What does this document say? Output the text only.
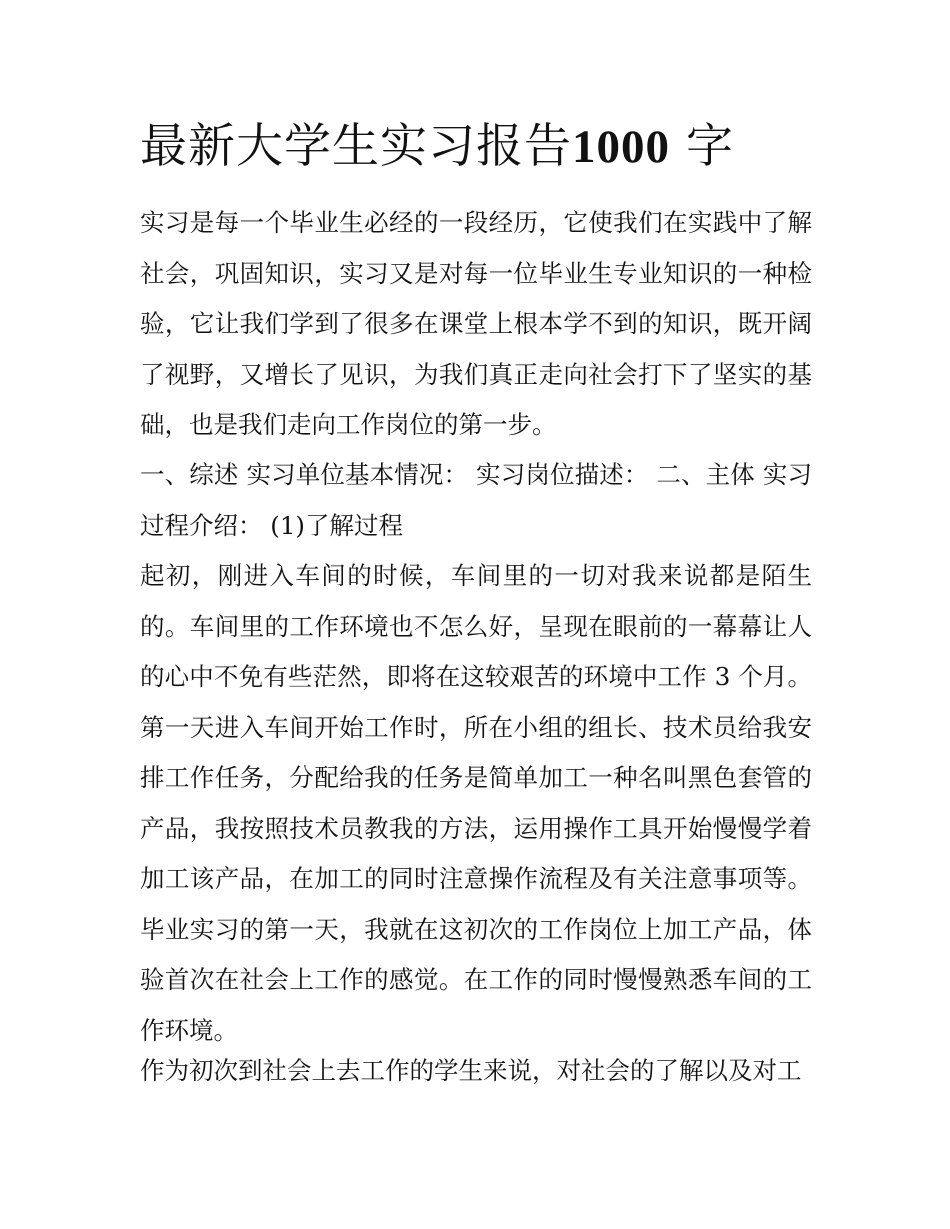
最新大学生实习报告1000 字

实习是每一个毕业生必经的一段经历，它使我们在实践中了解社会，巩固知识，实习又是对每一位毕业生专业知识的一种检验，它让我们学到了很多在课堂上根本学不到的知识，既开阔了视野，又增长了见识，为我们真正走向社会打下了坚实的基础，也是我们走向工作岗位的第一步。

一、综述 实习单位基本情况： 实习岗位描述： 二、主体 实习过程介绍： (1)了解过程

起初，刚进入车间的时候，车间里的一切对我来说都是陌生的。车间里的工作环境也不怎么好，呈现在眼前的一幕幕让人的心中不免有些茫然，即将在这较艰苦的环境中工作 3 个月。第一天进入车间开始工作时，所在小组的组长、技术员给我安排工作任务，分配给我的任务是简单加工一种名叫黑色套管的产品，我按照技术员教我的方法，运用操作工具开始慢慢学着加工该产品，在加工的同时注意操作流程及有关注意事项等。毕业实习的第一天，我就在这初次的工作岗位上加工产品，体验首次在社会上工作的感觉。在工作的同时慢慢熟悉车间的工作环境。

作为初次到社会上去工作的学生来说，对社会的了解以及对工
